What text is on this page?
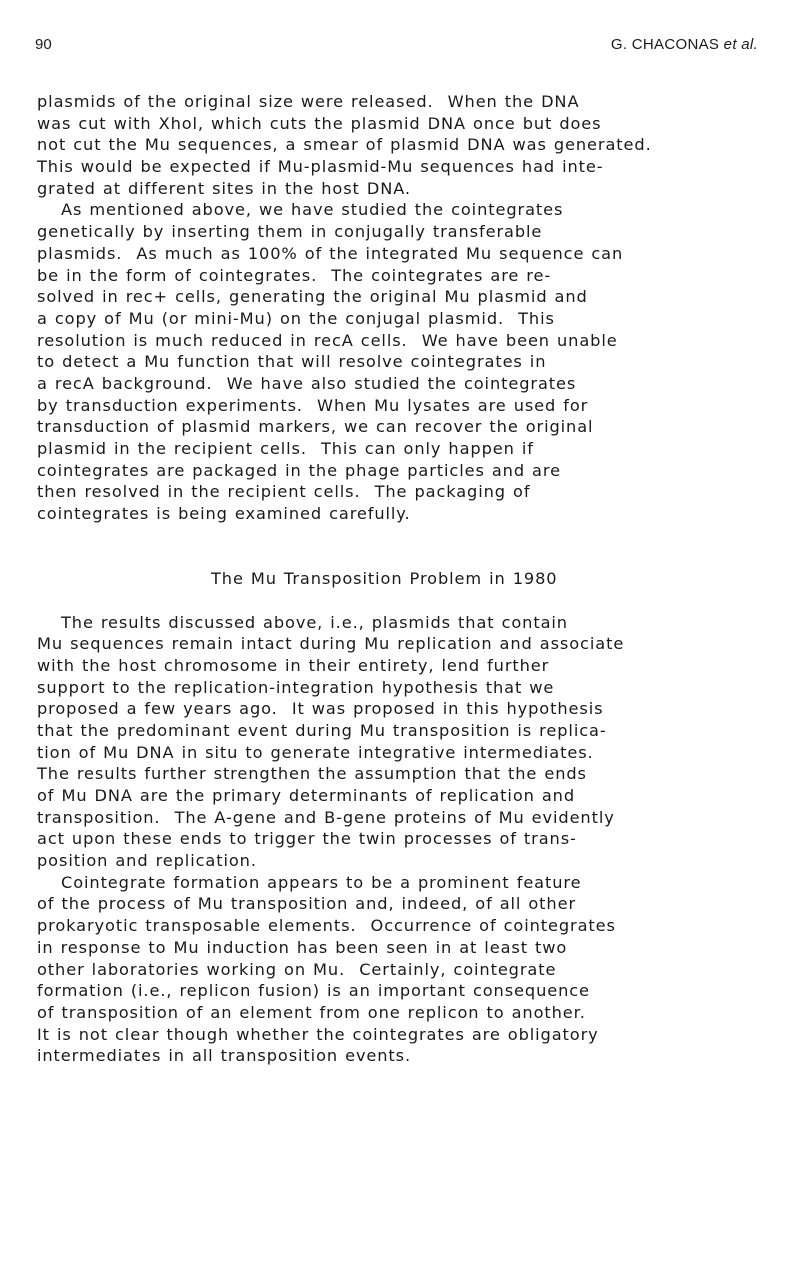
90	G. CHACONAS et al.
plasmids of the original size were released.  When the DNA
was cut with Xhol, which cuts the plasmid DNA once but does
not cut the Mu sequences, a smear of plasmid DNA was generated.
This would be expected if Mu-plasmid-Mu sequences had inte-
grated at different sites in the host DNA.
As mentioned above, we have studied the cointegrates
genetically by inserting them in conjugally transferable
plasmids.  As much as 100% of the integrated Mu sequence can
be in the form of cointegrates.  The cointegrates are re-
solved in rec+ cells, generating the original Mu plasmid and
a copy of Mu (or mini-Mu) on the conjugal plasmid.  This
resolution is much reduced in recA cells.  We have been unable
to detect a Mu function that will resolve cointegrates in
a recA background.  We have also studied the cointegrates
by transduction experiments.  When Mu lysates are used for
transduction of plasmid markers, we can recover the original
plasmid in the recipient cells.  This can only happen if
cointegrates are packaged in the phage particles and are
then resolved in the recipient cells.  The packaging of
cointegrates is being examined carefully.
The Mu Transposition Problem in 1980
The results discussed above, i.e., plasmids that contain
Mu sequences remain intact during Mu replication and associate
with the host chromosome in their entirety, lend further
support to the replication-integration hypothesis that we
proposed a few years ago.  It was proposed in this hypothesis
that the predominant event during Mu transposition is replica-
tion of Mu DNA in situ to generate integrative intermediates.
The results further strengthen the assumption that the ends
of Mu DNA are the primary determinants of replication and
transposition.  The A-gene and B-gene proteins of Mu evidently
act upon these ends to trigger the twin processes of trans-
position and replication.
Cointegrate formation appears to be a prominent feature
of the process of Mu transposition and, indeed, of all other
prokaryotic transposable elements.  Occurrence of cointegrates
in response to Mu induction has been seen in at least two
other laboratories working on Mu.  Certainly, cointegrate
formation (i.e., replicon fusion) is an important consequence
of transposition of an element from one replicon to another.
It is not clear though whether the cointegrates are obligatory
intermediates in all transposition events.
